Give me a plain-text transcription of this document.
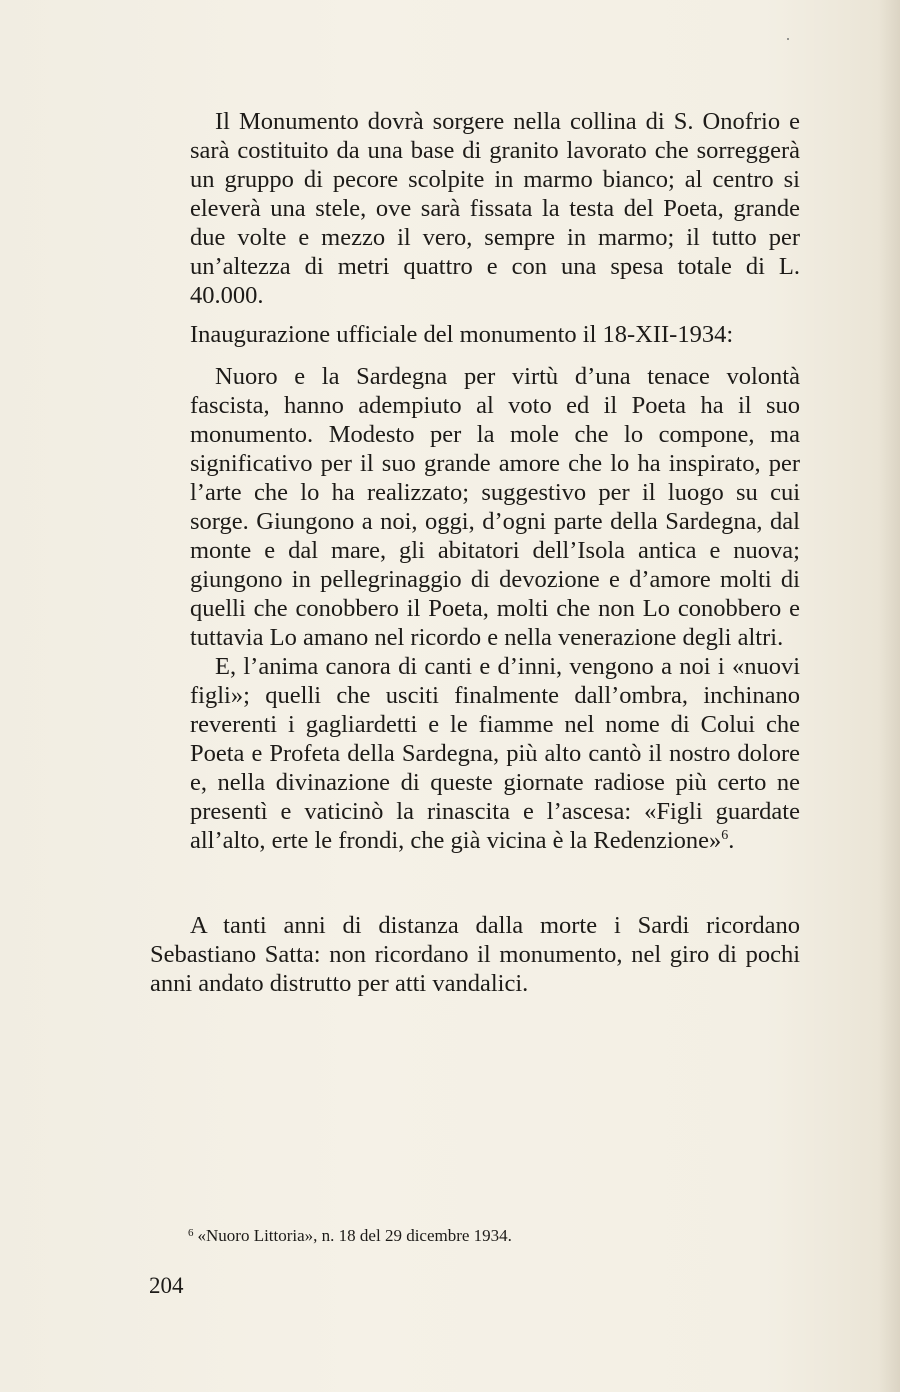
Il Monumento dovrà sorgere nella collina di S. Onofrio e sarà costituito da una base di granito lavorato che sorreggerà un gruppo di pecore scolpite in marmo bianco; al centro si eleverà una stele, ove sarà fissata la testa del Poeta, grande due volte e mezzo il vero, sempre in marmo; il tutto per un’altezza di metri quattro e con una spesa totale di L. 40.000.

Inaugurazione ufficiale del monumento il 18-XII-1934:

Nuoro e la Sardegna per virtù d’una tenace volontà fascista, hanno adempiuto al voto ed il Poeta ha il suo monumento. Modesto per la mole che lo compone, ma significativo per il suo grande amore che lo ha inspirato, per l’arte che lo ha realizzato; suggestivo per il luogo su cui sorge. Giungono a noi, oggi, d’ogni parte della Sardegna, dal monte e dal mare, gli abitatori dell’Isola antica e nuova; giungono in pellegrinaggio di devozione e d’amore molti di quelli che conobbero il Poeta, molti che non Lo conobbero e tuttavia Lo amano nel ricordo e nella venerazione degli altri.

E, l’anima canora di canti e d’inni, vengono a noi i «nuovi figli»; quelli che usciti finalmente dall’ombra, inchinano reverenti i gagliardetti e le fiamme nel nome di Colui che Poeta e Profeta della Sardegna, più alto cantò il nostro dolore e, nella divinazione di queste giornate radiose più certo ne presentì e vaticinò la rinascita e l’ascesa: «Figli guardate all’alto, erte le frondi, che già vicina è la Redenzione»$^6$.

A tanti anni di distanza dalla morte i Sardi ricordano Sebastiano Satta: non ricordano il monumento, nel giro di pochi anni andato distrutto per atti vandalici.

$^6$ «Nuoro Littoria», n. 18 del 29 dicembre 1934.
204
